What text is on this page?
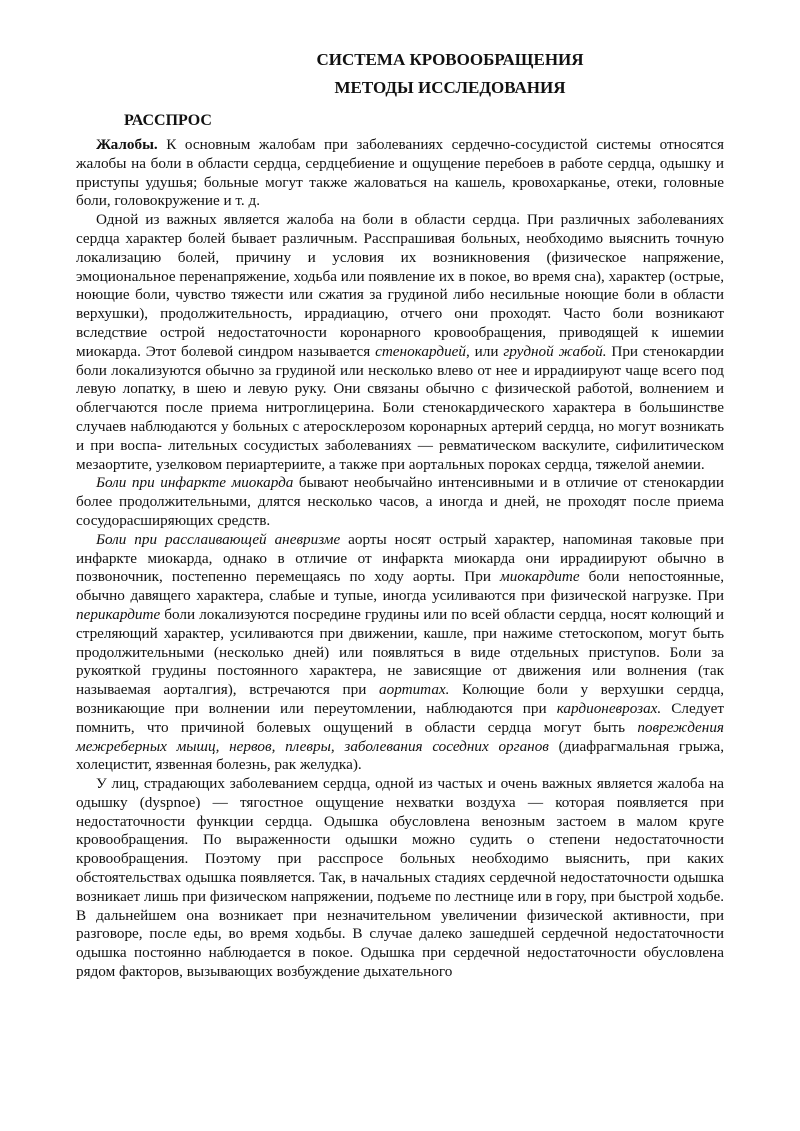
СИСТЕМА КРОВООБРАЩЕНИЯ
МЕТОДЫ ИССЛЕДОВАНИЯ
РАССПРОС

Жалобы. К основным жалобам при заболеваниях сердечно-сосудистой системы относятся жалобы на боли в области сердца, сердцебиение и ощущение перебоев в работе сердца, одышку и приступы удушья; больные могут также жаловаться на кашель, кровохарканье, отеки, головные боли, головокружение и т. д.

Одной из важных является жалоба на боли в области сердца. При различных заболеваниях сердца характер болей бывает различным. Расспрашивая больных, необходимо выяснить точную локализацию болей, причину и условия их возникновения (физическое напряжение, эмоциональное перенапряжение, ходьба или появление их в покое, во время сна), характер (острые, ноющие боли, чувство тяжести или сжатия за грудиной либо несильные ноющие боли в области верхушки), продолжительность, иррадиацию, отчего они проходят. Часто боли возникают вследствие острой недостаточности коронарного кровообращения, приводящей к ишемии миокарда. Этот болевой синдром называется стенокардией, или грудной жабой. При стенокардии боли локализуются обычно за грудиной или несколько влево от нее и иррадиируют чаще всего под левую лопатку, в шею и левую руку. Они связаны обычно с физической работой, волнением и облегчаются после приема нитроглицерина. Боли стенокардического характера в большинстве случаев наблюдаются у больных с атеросклерозом коронарных артерий сердца, но могут возникать и при воспа- лительных сосудистых заболеваниях — ревматическом васкулите, сифилитическом мезаортите, узелковом периартериите, а также при аортальных пороках сердца, тяжелой анемии.

Боли при инфаркте миокарда бывают необычайно интенсивными и в отличие от стенокардии более продолжительными, длятся несколько часов, а иногда и дней, не проходят после приема сосудорасширяющих средств.

Боли при расслаивающей аневризме аорты носят острый характер, напоминая таковые при инфаркте миокарда, однако в отличие от инфаркта миокарда они иррадиируют обычно в позвоночник, постепенно перемещаясь по ходу аорты. При миокардите боли непостоянные, обычно давящего характера, слабые и тупые, иногда усиливаются при физической нагрузке. При перикардите боли локализуются посредине грудины или по всей области сердца, носят колющий и стреляющий характер, усиливаются при движении, кашле, при нажиме стетоскопом, могут быть продолжительными (несколько дней) или появляться в виде отдельных приступов. Боли за рукояткой грудины постоянного характера, не зависящие от движения или волнения (так называемая аорталгия), встречаются при аортитах. Колющие боли у верхушки сердца, возникающие при волнении или переутомлении, наблюдаются при кардионеврозах. Следует помнить, что причиной болевых ощущений в области сердца могут быть повреждения межреберных мышц, нервов, плевры, заболевания соседних органов (диафрагмальная грыжа, холецистит, язвенная болезнь, рак желудка).

У лиц, страдающих заболеванием сердца, одной из частых и очень важных является жалоба на одышку (dyspnoe) — тягостное ощущение нехватки воздуха — которая появляется при недостаточности функции сердца. Одышка обусловлена венозным застоем в малом круге кровообращения. По выраженности одышки можно судить о степени недостаточности кровообращения. Поэтому при расспросе больных необходимо выяснить, при каких обстоятельствах одышка появляется. Так, в начальных стадиях сердечной недостаточности одышка возникает лишь при физическом напряжении, подъеме по лестнице или в гору, при быстрой ходьбе. В дальнейшем она возникает при незначительном увеличении физической активности, при разговоре, после еды, во время ходьбы. В случае далеко зашедшей сердечной недостаточности одышка постоянно наблюдается в покое. Одышка при сердечной недостаточности обусловлена рядом факторов, вызывающих возбуждение дыхательного
